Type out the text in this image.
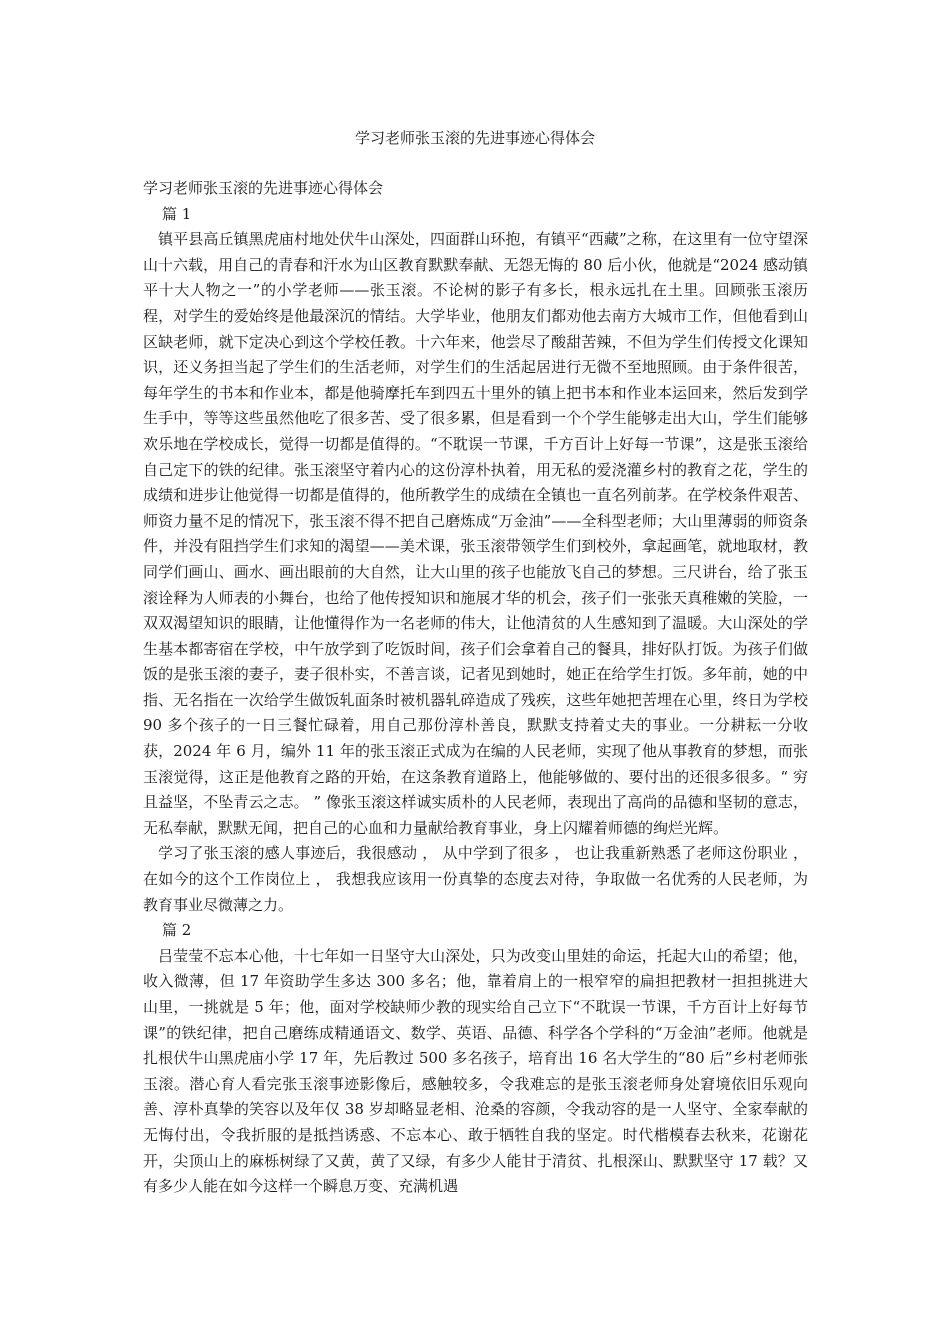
学习老师张玉滚的先进事迹心得体会

学习老师张玉滚的先进事迹心得体会

篇 1

镇平县高丘镇黑虎庙村地处伏牛山深处，四面群山环抱，有镇平“西藏”之称，在这里有一位守望深山十六载，用自己的青春和汗水为山区教育默默奉献、无怨无悔的 80 后小伙，他就是“2024 感动镇平十大人物之一”的小学老师——张玉滚。不论树的影子有多长，根永远扎在土里。回顾张玉滚历程，对学生的爱始终是他最深沉的情结。大学毕业，他朋友们都劝他去南方大城市工作，但他看到山区缺老师，就下定决心到这个学校任教。十六年来，他尝尽了酸甜苦辣，不但为学生们传授文化课知识，还义务担当起了学生们的生活老师，对学生们的生活起居进行无微不至地照顾。由于条件很苦，每年学生的书本和作业本，都是他骑摩托车到四五十里外的镇上把书本和作业本运回来，然后发到学生手中，等等这些虽然他吃了很多苦、受了很多累，但是看到一个个学生能够走出大山，学生们能够欢乐地在学校成长，觉得一切都是值得的。“不耽误一节课，千方百计上好每一节课”，这是张玉滚给自己定下的铁的纪律。张玉滚坚守着内心的这份淳朴执着，用无私的爱浇灌乡村的教育之花，学生的成绩和进步让他觉得一切都是值得的，他所教学生的成绩在全镇也一直名列前茅。在学校条件艰苦、师资力量不足的情况下，张玉滚不得不把自己磨炼成“万金油”——全科型老师；大山里薄弱的师资条件，并没有阻挡学生们求知的渴望——美术课，张玉滚带领学生们到校外，拿起画笔，就地取材，教同学们画山、画水、画出眼前的大自然，让大山里的孩子也能放飞自己的梦想。三尺讲台，给了张玉滚诠释为人师表的小舞台，也给了他传授知识和施展才华的机会，孩子们一张张天真稚嫩的笑脸，一双双渴望知识的眼睛，让他懂得作为一名老师的伟大，让他清贫的人生感知到了温暖。大山深处的学生基本都寄宿在学校，中午放学到了吃饭时间，孩子们会拿着自己的餐具，排好队打饭。为孩子们做饭的是张玉滚的妻子，妻子很朴实，不善言谈，记者见到她时，她正在给学生打饭。多年前，她的中指、无名指在一次给学生做饭轧面条时被机器轧碎造成了残疾，这些年她把苦埋在心里，终日为学校 90 多个孩子的一日三餐忙碌着，用自己那份淳朴善良，默默支持着丈夫的事业。一分耕耘一分收获，2024 年 6 月，编外 11 年的张玉滚正式成为在编的人民老师，实现了他从事教育的梦想，而张玉滚觉得，这正是他教育之路的开始，在这条教育道路上，他能够做的、要付出的还很多很多。“ 穷且益坚，不坠青云之志。 ” 像张玉滚这样诚实质朴的人民老师，表现出了高尚的品德和坚韧的意志，无私奉献，默默无闻，把自己的心血和力量献给教育事业，身上闪耀着师德的绚烂光辉。

学习了张玉滚的感人事迹后，我很感动 ， 从中学到了很多 ， 也让我重新熟悉了老师这份职业 ， 在如今的这个工作岗位上 ， 我想我应该用一份真挚的态度去对待，争取做一名优秀的人民老师，为教育事业尽微薄之力。

篇 2

吕莹莹不忘本心他，十七年如一日坚守大山深处，只为改变山里娃的命运，托起大山的希望；他，收入微薄，但 17 年资助学生多达 300 多名；他，靠着肩上的一根窄窄的扁担把教材一担担挑进大山里，一挑就是 5 年；他，面对学校缺师少教的现实给自己立下“不耽误一节课，千方百计上好每节课”的铁纪律，把自己磨练成精通语文、数学、英语、品德、科学各个学科的“万金油”老师。他就是扎根伏牛山黑虎庙小学 17 年，先后教过 500 多名孩子，培育出 16 名大学生的“80 后”乡村老师张玉滚。潜心育人看完张玉滚事迹影像后，感触较多，令我难忘的是张玉滚老师身处窘境依旧乐观向善、淳朴真挚的笑容以及年仅 38 岁却略显老相、沧桑的容颜，令我动容的是一人坚守、全家奉献的无悔付出，令我折服的是抵挡诱惑、不忘本心、敢于牺牲自我的坚定。时代楷模春去秋来，花谢花开，尖顶山上的麻栎树绿了又黄，黄了又绿，有多少人能甘于清贫、扎根深山、默默坚守 17 载？又有多少人能在如今这样一个瞬息万变、充满机遇
